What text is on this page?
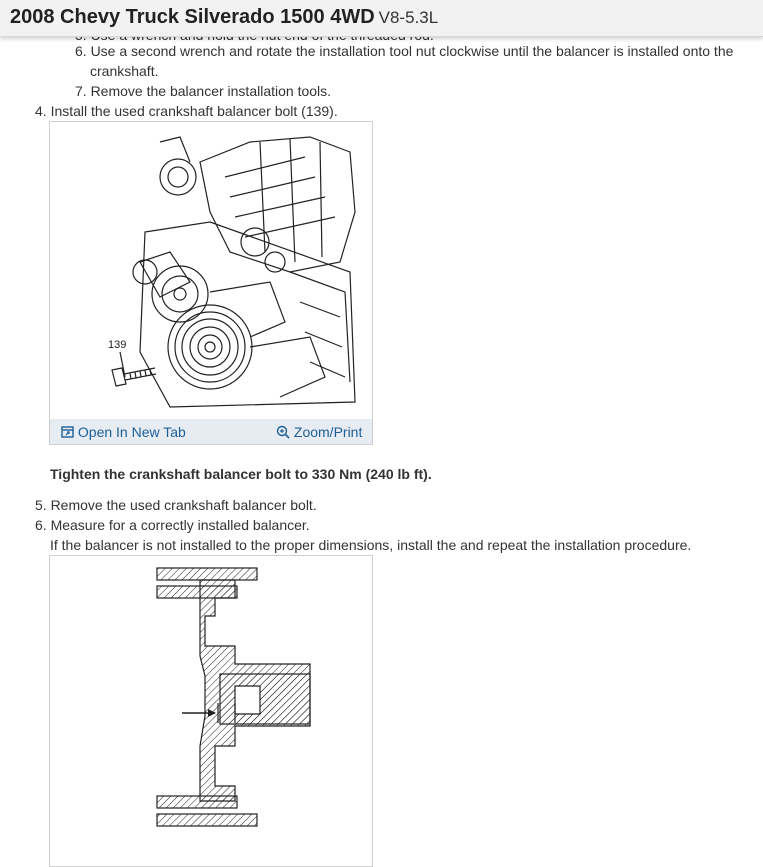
2008 Chevy Truck Silverado 1500 4WD V8-5.3L
6. Use a second wrench and rotate the installation tool nut clockwise until the balancer is installed onto the
crankshaft.
7. Remove the balancer installation tools.
4. Install the used crankshaft balancer bolt (139).
139
Open In New Tab	Zoom/Print
Tighten the crankshaft balancer bolt to 330 Nm (240 lb ft).
5. Remove the used crankshaft balancer bolt.
6. Measure for a correctly installed balancer.
If the balancer is not installed to the proper dimensions, install the and repeat the installation procedure.
